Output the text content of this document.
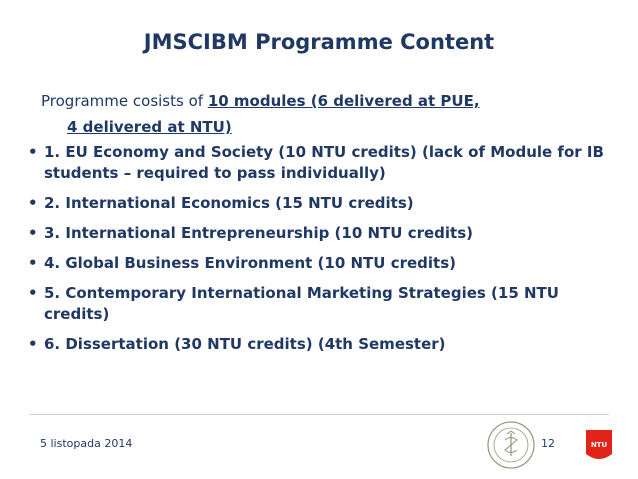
JMSCIBM Programme Content
Programme cosists of 10 modules (6 delivered at PUE,
4 delivered at NTU)
• 1. EU Economy and Society (10 NTU credits) (lack of Module for IB students – required to pass individually)
• 2. International Economics (15 NTU credits)
• 3. International Entrepreneurship (10 NTU credits)
• 4. Global Business Environment (10 NTU credits)
• 5. Contemporary International Marketing Strategies (15 NTU credits)
• 6. Dissertation (30 NTU credits) (4th Semester)
5 listopada 2014	12	NTU
